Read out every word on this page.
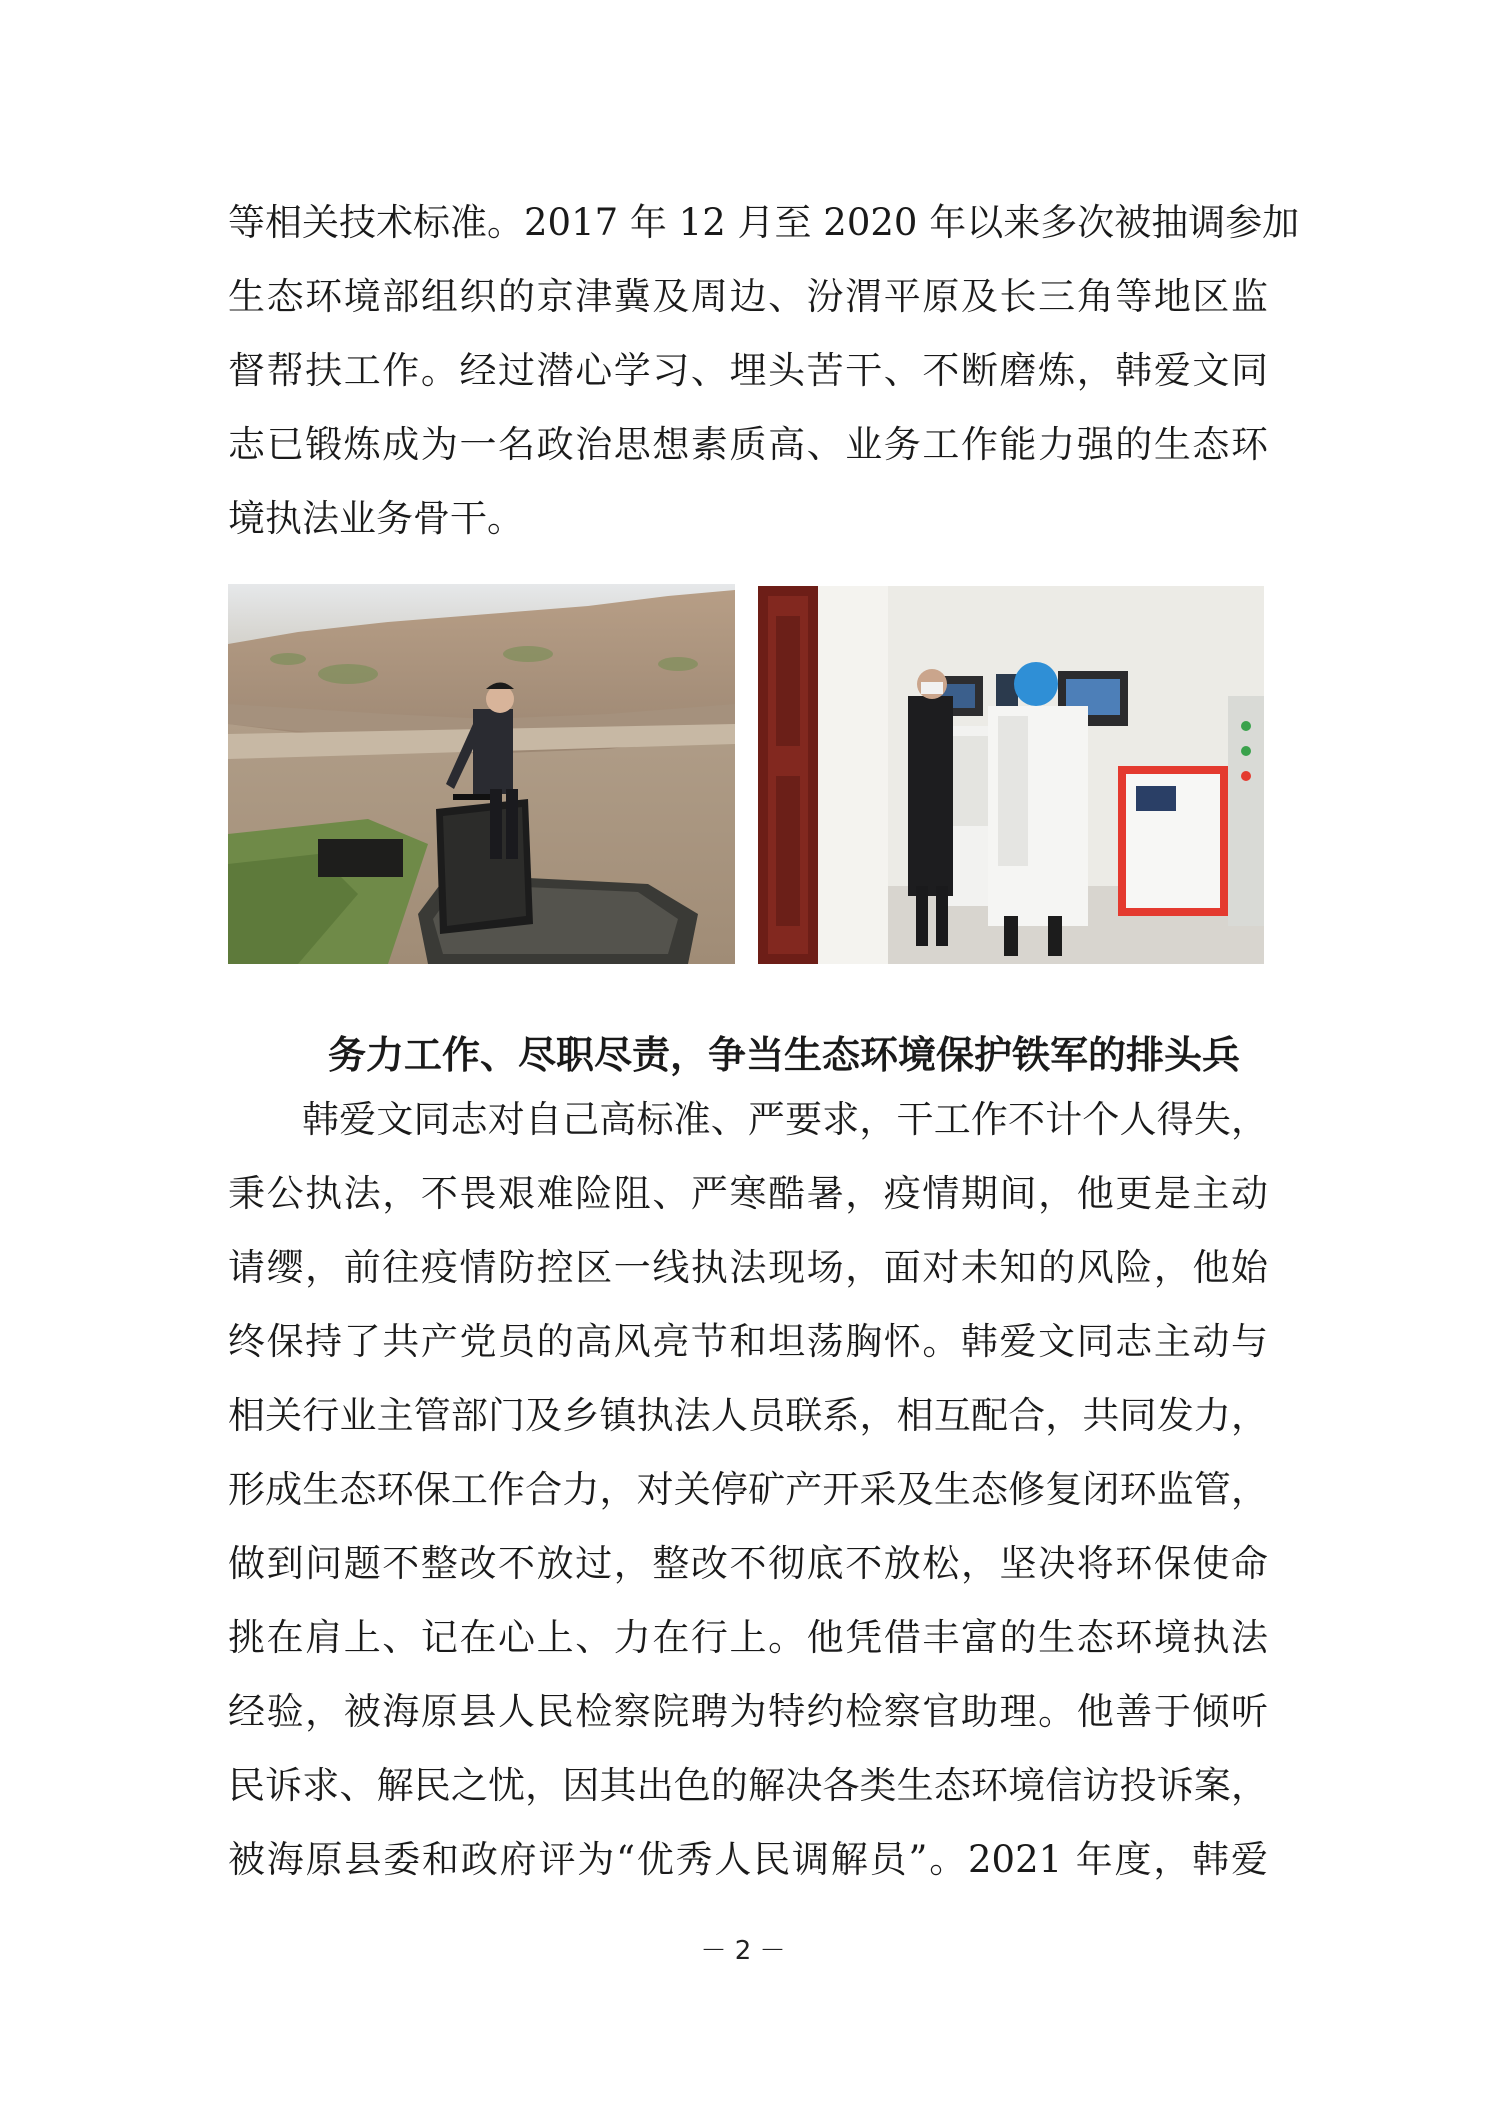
等相关技术标准。2017 年 12 月至 2020 年以来多次被抽调参加
生态环境部组织的京津冀及周边、汾渭平原及长三角等地区监
督帮扶工作。经过潜心学习、埋头苦干、不断磨炼，韩爱文同
志已锻炼成为一名政治思想素质高、业务工作能力强的生态环
境执法业务骨干。
务力工作、尽职尽责，争当生态环境保护铁军的排头兵
韩爱文同志对自己高标准、严要求，干工作不计个人得失，
秉公执法，不畏艰难险阻、严寒酷暑，疫情期间，他更是主动
请缨，前往疫情防控区一线执法现场，面对未知的风险，他始
终保持了共产党员的高风亮节和坦荡胸怀。韩爱文同志主动与
相关行业主管部门及乡镇执法人员联系，相互配合，共同发力，
形成生态环保工作合力，对关停矿产开采及生态修复闭环监管，
做到问题不整改不放过，整改不彻底不放松，坚决将环保使命
挑在肩上、记在心上、力在行上。他凭借丰富的生态环境执法
经验，被海原县人民检察院聘为特约检察官助理。他善于倾听
民诉求、解民之忧，因其出色的解决各类生态环境信访投诉案，
被海原县委和政府评为“优秀人民调解员”。2021 年度，韩爱
－ 2 －
